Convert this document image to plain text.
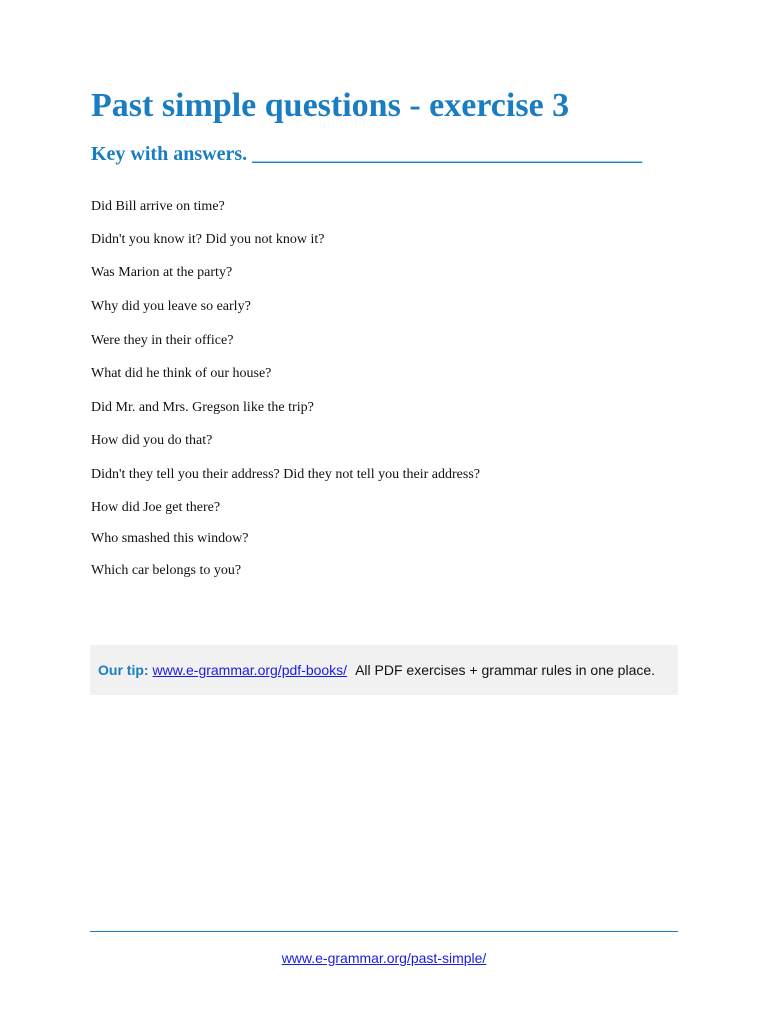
Past simple questions - exercise 3
Key with answers. _______________________________________
Did Bill arrive on time?
Didn't you know it? Did you not know it?
Was Marion at the party?
Why did you leave so early?
Were they in their office?
What did he think of our house?
Did Mr. and Mrs. Gregson like the trip?
How did you do that?
Didn't they tell you their address? Did they not tell you their address?
How did Joe get there?
Who smashed this window?
Which car belongs to you?
Our tip: www.e-grammar.org/pdf-books/ All PDF exercises + grammar rules in one place.
www.e-grammar.org/past-simple/
